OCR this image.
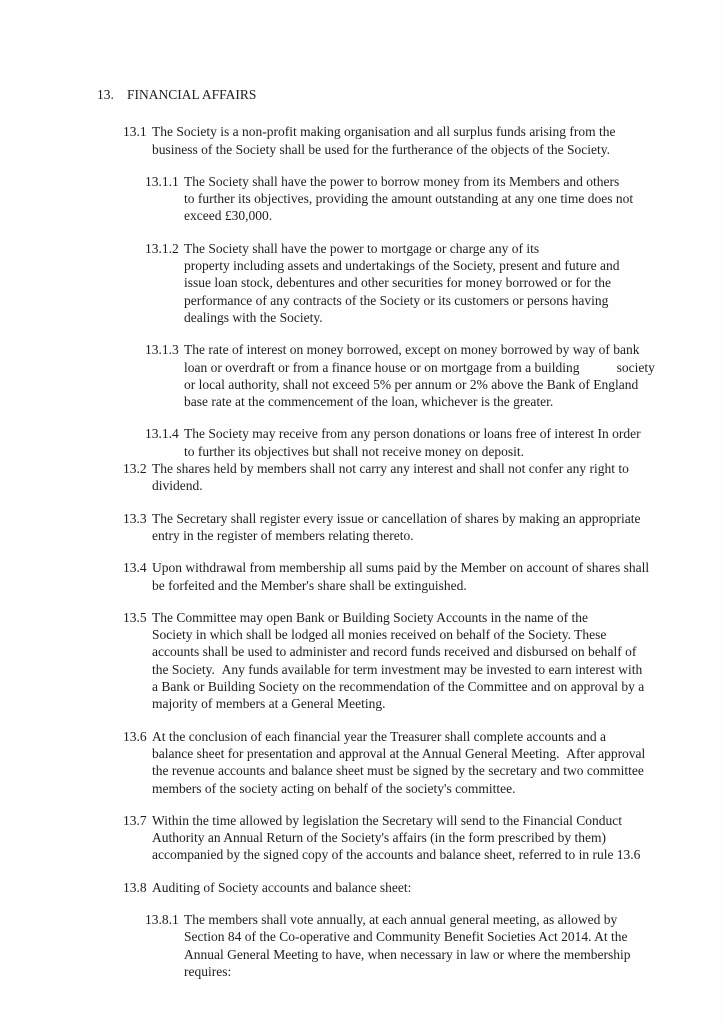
13. FINANCIAL AFFAIRS
13.1 The Society is a non-profit making organisation and all surplus funds arising from the
business of the Society shall be used for the furtherance of the objects of the Society.
13.1.1 The Society shall have the power to borrow money from its Members and others
to further its objectives, providing the amount outstanding at any one time does not
exceed £30,000.
13.1.2 The Society shall have the power to mortgage or charge any of its
property including assets and undertakings of the Society, present and future and
issue loan stock, debentures and other securities for money borrowed or for the
performance of any contracts of the Society or its customers or persons having
dealings with the Society.
13.1.3 The rate of interest on money borrowed, except on money borrowed by way of bank
loan or overdraft or from a finance house or on mortgage from a building           society
or local authority, shall not exceed 5% per annum or 2% above the Bank of England
base rate at the commencement of the loan, whichever is the greater.
13.1.4 The Society may receive from any person donations or loans free of interest In order
to further its objectives but shall not receive money on deposit.
13.2 The shares held by members shall not carry any interest and shall not confer any right to
dividend.
13.3 The Secretary shall register every issue or cancellation of shares by making an appropriate
entry in the register of members relating thereto.
13.4 Upon withdrawal from membership all sums paid by the Member on account of shares shall
be forfeited and the Member's share shall be extinguished.
13.5 The Committee may open Bank or Building Society Accounts in the name of the
Society in which shall be lodged all monies received on behalf of the Society. These
accounts shall be used to administer and record funds received and disbursed on behalf of
the Society.  Any funds available for term investment may be invested to earn interest with
a Bank or Building Society on the recommendation of the Committee and on approval by a
majority of members at a General Meeting.
13.6 At the conclusion of each financial year the Treasurer shall complete accounts and a
balance sheet for presentation and approval at the Annual General Meeting.  After approval
the revenue accounts and balance sheet must be signed by the secretary and two committee
members of the society acting on behalf of the society's committee.
13.7 Within the time allowed by legislation the Secretary will send to the Financial Conduct
Authority an Annual Return of the Society's affairs (in the form prescribed by them)
accompanied by the signed copy of the accounts and balance sheet, referred to in rule 13.6
13.8 Auditing of Society accounts and balance sheet:
13.8.1 The members shall vote annually, at each annual general meeting, as allowed by
Section 84 of the Co-operative and Community Benefit Societies Act 2014. At the
Annual General Meeting to have, when necessary in law or where the membership
requires:
